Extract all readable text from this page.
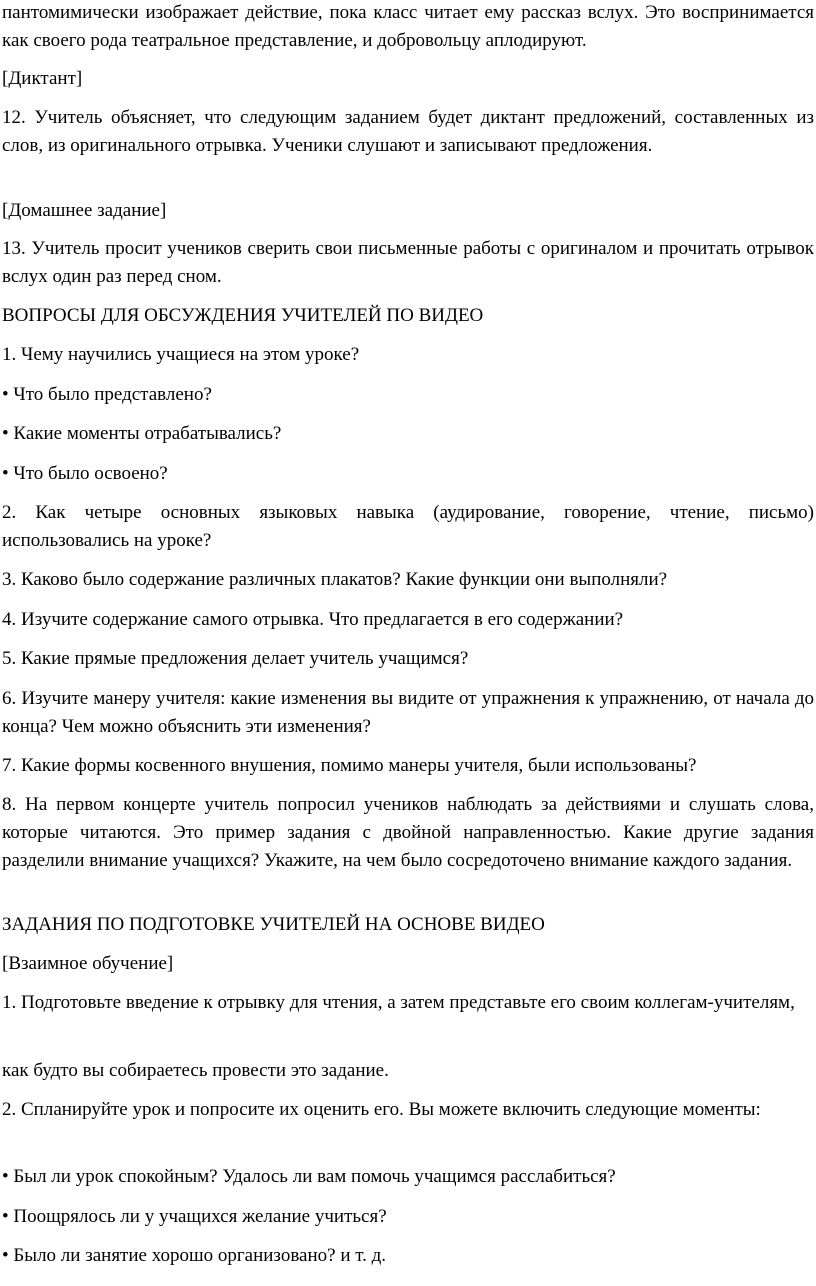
пантомимически изображает действие, пока класс читает ему рассказ вслух. Это воспринимается как своего рода театральное представление, и добровольцу аплодируют.

[Диктант]

12. Учитель объясняет, что следующим заданием будет диктант предложений, составленных из слов, из оригинального отрывка. Ученики слушают и записывают предложения.

[Домашнее задание]

13. Учитель просит учеников сверить свои письменные работы с оригиналом и прочитать отрывок вслух один раз перед сном.

ВОПРОСЫ ДЛЯ ОБСУЖДЕНИЯ УЧИТЕЛЕЙ ПО ВИДЕО

1. Чему научились учащиеся на этом уроке?

• Что было представлено?

• Какие моменты отрабатывались?

• Что было освоено?

2. Как четыре основных языковых навыка (аудирование, говорение, чтение, письмо) использовались на уроке?

3. Каково было содержание различных плакатов? Какие функции они выполняли?

4. Изучите содержание самого отрывка. Что предлагается в его содержании?

5. Какие прямые предложения делает учитель учащимся?

6. Изучите манеру учителя: какие изменения вы видите от упражнения к упражнению, от начала до конца? Чем можно объяснить эти изменения?

7. Какие формы косвенного внушения, помимо манеры учителя, были использованы?

8. На первом концерте учитель попросил учеников наблюдать за действиями и слушать слова, которые читаются. Это пример задания с двойной направленностью. Какие другие задания разделили внимание учащихся? Укажите, на чем было сосредоточено внимание каждого задания.

ЗАДАНИЯ ПО ПОДГОТОВКЕ УЧИТЕЛЕЙ НА ОСНОВЕ ВИДЕО

[Взаимное обучение]

1. Подготовьте введение к отрывку для чтения, а затем представьте его своим коллегам-учителям,

как будто вы собираетесь провести это задание.

2. Спланируйте урок и попросите их оценить его. Вы можете включить следующие моменты:

• Был ли урок спокойным? Удалось ли вам помочь учащимся расслабиться?

• Поощрялось ли у учащихся желание учиться?

• Было ли занятие хорошо организовано? и т. д.
